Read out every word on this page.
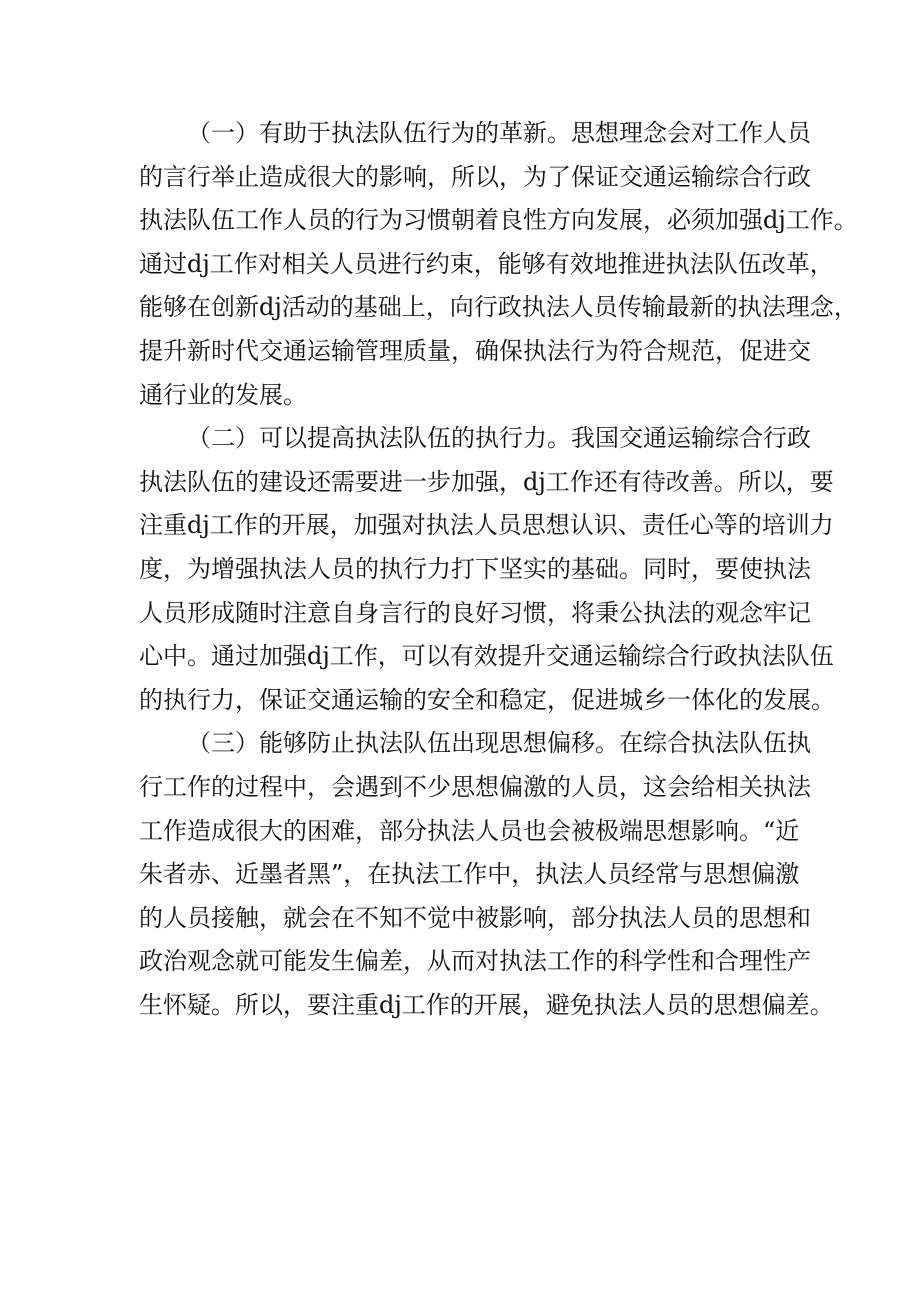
（一）有助于执法队伍行为的革新。思想理念会对工作人员
的言行举止造成很大的影响，所以，为了保证交通运输综合行政
执法队伍工作人员的行为习惯朝着良性方向发展，必须加强dj工作。
通过dj工作对相关人员进行约束，能够有效地推进执法队伍改革，
能够在创新dj活动的基础上，向行政执法人员传输最新的执法理念，
提升新时代交通运输管理质量，确保执法行为符合规范，促进交
通行业的发展。
（二）可以提高执法队伍的执行力。我国交通运输综合行政
执法队伍的建设还需要进一步加强，dj工作还有待改善。所以，要
注重dj工作的开展，加强对执法人员思想认识、责任心等的培训力
度，为增强执法人员的执行力打下坚实的基础。同时，要使执法
人员形成随时注意自身言行的良好习惯，将秉公执法的观念牢记
心中。通过加强dj工作，可以有效提升交通运输综合行政执法队伍
的执行力，保证交通运输的安全和稳定，促进城乡一体化的发展。
（三）能够防止执法队伍出现思想偏移。在综合执法队伍执
行工作的过程中，会遇到不少思想偏激的人员，这会给相关执法
工作造成很大的困难，部分执法人员也会被极端思想影响。“近
朱者赤、近墨者黑”，在执法工作中，执法人员经常与思想偏激
的人员接触，就会在不知不觉中被影响，部分执法人员的思想和
政治观念就可能发生偏差，从而对执法工作的科学性和合理性产
生怀疑。所以，要注重dj工作的开展，避免执法人员的思想偏差。
